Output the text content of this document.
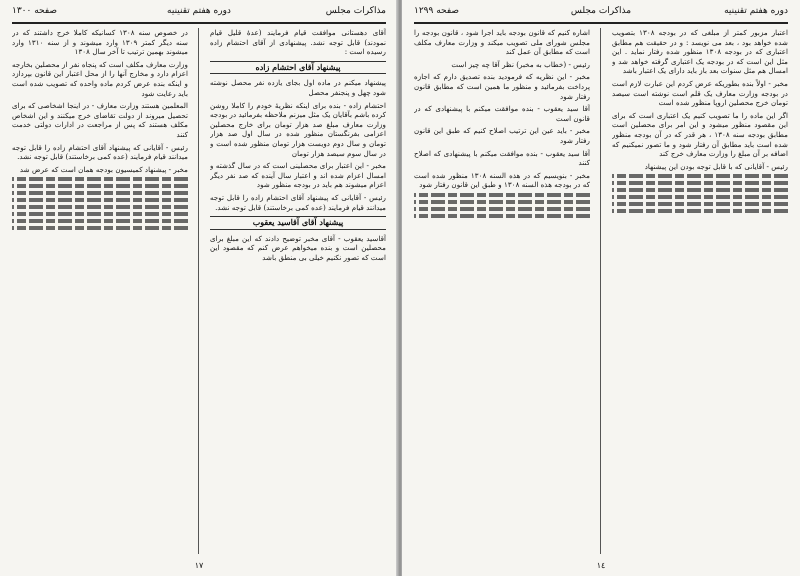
مذاكرات مجلس
دوره هفتم تقنينيه
صفحه ١٣٠٠

آقای دهستانی موافقت قیام فرمایند (عدهٔ قلیل قیام نمودند) قابل توجه نشد. پیشنهادی از آقای احتشام زاده رسیده است :

پیشنهاد آقای احتشام زاده

پیشنهاد میکنم در ماده اول بجای یازده نفر محصل نوشته شود چهل و پنجنفر محصل

احتشام زاده - بنده برای اینکه نظریهٔ خودم را کاملا روشن کرده باشم بآقایان یک مثل میزنم ملاحظه بفرمائید در بودجه وزارت معارف مبلغ صد هزار تومان برای خارج محصلین اعزامی بفرنگستان منظور شده در سال اول صد هزار تومان و سال دوم دویست هزار تومان منظور شده است و در سال سوم سیصد هزار تومان

مخبر - این اعتبار برای محصلینی است که در سال گذشته و امسال اعزام شده اند و اعتبار سال آینده که صد نفر دیگر اعزام میشوند هم باید در بودجه منظور شود

رئیس - آقایانی که پیشنهاد آقای احتشام زاده را قابل توجه میدانند قیام فرمایند (عده کمی برخاستند) قابل توجه نشد.

پیشنهاد آقای آقاسید یعقوب

آقاسید یعقوب - آقای مخبر توضیح دادند که این مبلغ برای محصلین است و بنده میخواهم عرض کنم که مقصود این است که تصور نکنیم خیلی بی منطق باشد

در خصوص سنه ۱۳۰۸ کسانیکه کاملا خرج داشتند که در سنه دیگر کمتر ۱۳۰۹ وارد میشوند و از سنه ۱۳۱۰ وارد میشوند بهمین ترتیب تا آخر سال ۱۳۰۸

وزارت معارف مکلف است که پنجاه نفر از محصلین بخارجه اعزام دارد و مخارج آنها را از محل اعتبار این قانون بپردازد و اینکه بنده عرض کردم ماده واحده که تصویب شده است باید رعایت شود

المعلمین هستند وزارت معارف - در اینجا اشخاصی که برای تحصیل میروند از دولت تقاضای خرج میکنند و این اشخاص مکلف هستند که پس از مراجعت در ادارات دولتی خدمت کنند

رئیس - آقایانی که پیشنهاد آقای احتشام زاده را قابل توجه میدانند قیام فرمایند (عده کمی برخاستند) قابل توجه نشد.

مخبر - پیشنهاد کمیسیون بودجه همان است که عرض شد

١٧
دوره هفتم تقنینیه
مذاكرات مجلس
صفحه ١٢٩٩

اعتبار مزبور کمتر از مبلغی که در بودجه ۱۳۰۸ بتصویب شده خواهد بود ، بعد می نویسد : و در حقیقت هم مطابق اعتباری که در بودجه ۱۳۰۸ منظور شده رفتار نماید . این مثل این است که در بودجه یک اعتباری گرفته خواهد شد و امسال هم مثل سنوات بعد باز باید دارای یک اعتبار باشد

مخبر - اولاً بنده بطوریکه عرض کردم این عبارت لازم است در بودجه وزارت معارف یک قلم است نوشته است سیصد تومان خرج محصلین اروپا منظور شده است

اگر این ماده را ما تصویب کنیم یک اعتباری است که برای این مقصود منظور میشود و این امر برای محصلین است مطابق بودجه سنه ۱۳۰۸ ، هر قدر که در آن بودجه منظور شده است باید مطابق آن رفتار شود و ما تصور نمیکنیم که اضافه بر آن مبلغ را وزارت معارف خرج کند

رئیس - آقایانی که با قابل توجه بودن این پیشنهاد

اشاره کنیم که قانون بودجه باید اجرا شود ، قانون بودجه را مجلس شورای ملی تصویب میکند و وزارت معارف مکلف است که مطابق آن عمل کند

رئیس - (خطاب به مخبر) نظر آقا چه چیز است

مخبر - این نظریه که فرمودید بنده تصدیق دارم که اجازه پرداخت بفرمائید و منظور ما همین است که مطابق قانون رفتار شود

آقا سید یعقوب - بنده موافقت میکنم با پیشنهادی که در قانون است

مخبر - باید عین این ترتیب اصلاح کنیم که طبق این قانون رفتار شود

آقا سید یعقوب - بنده موافقت میکنم با پیشنهادی که اصلاح کنند

مخبر - بنویسیم که در هذه السنه ۱۳۰۸ منظور شده است که در بودجه هذه السنه ۱۳۰۸ و طبق این قانون رفتار شود

١٤
